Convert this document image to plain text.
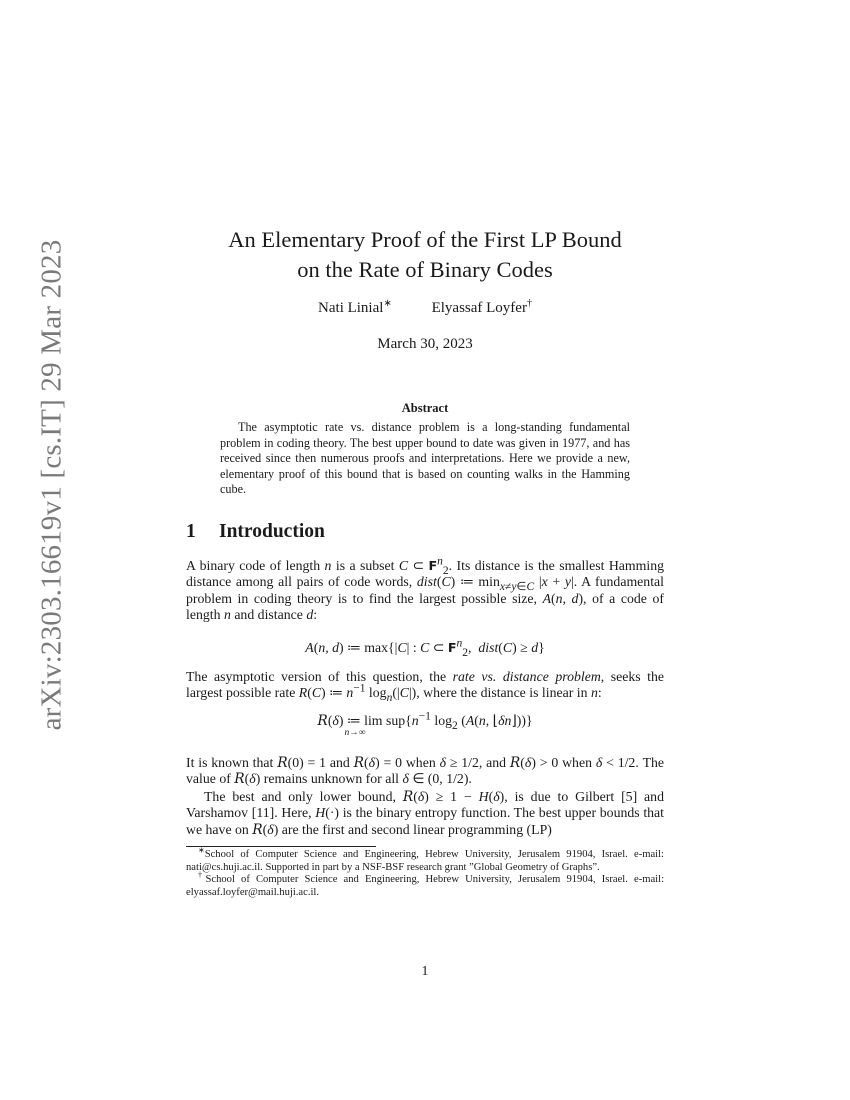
arXiv:2303.16619v1 [cs.IT] 29 Mar 2023
An Elementary Proof of the First LP Bound
on the Rate of Binary Codes
Nati Linial∗	Elyassaf Loyfer†
March 30, 2023
Abstract
The asymptotic rate vs. distance problem is a long-standing fundamental problem in coding theory. The best upper bound to date was given in 1977, and has received since then numerous proofs and interpretations. Here we provide a new, elementary proof of this bound that is based on counting walks in the Hamming cube.
1 Introduction
A binary code of length n is a subset C ⊂ $F^n_2$. Its distance is the smallest Hamming distance among all pairs of code words, dist(C) ≔ $\min_{x\ne y\in C} |x + y|$. A fundamental problem in coding theory is to find the largest possible size, A(n, d), of a code of length n and distance d:
A(n, d) ≔ max{|C| : C ⊂ $F^n_2$,  dist(C) ≥ d}
The asymptotic version of this question, the rate vs. distance problem, seeks the largest possible rate R(C) ≔ $n^{-1}$ $\log_n(|C|)$, where the distance is linear in n:
R(δ) ≔ $\lim sup\{n^{-1}$ $\log_2 (A(n$, ⌊δn⌋))}
n→∞
It is known that R(0) = 1 and R(δ) = 0 when δ ≥ 1/2, and R(δ) > 0 when δ < 1/2. The value of R(δ) remains unknown for all δ ∈ (0, 1/2).
The best and only lower bound, R(δ) ≥ 1 − H(δ), is due to Gilbert [5] and Varshamov [11]. Here, H(·) is the binary entropy function. The best upper bounds that we have on R(δ) are the first and second linear programming (LP)

∗School of Computer Science and Engineering, Hebrew University, Jerusalem 91904, Israel. e-mail: nati@cs.huji.ac.il. Supported in part by a NSF-BSF research grant ”Global Geometry of Graphs”.

†School of Computer Science and Engineering, Hebrew University, Jerusalem 91904, Israel. e-mail: elyassaf.loyfer@mail.huji.ac.il.

1
